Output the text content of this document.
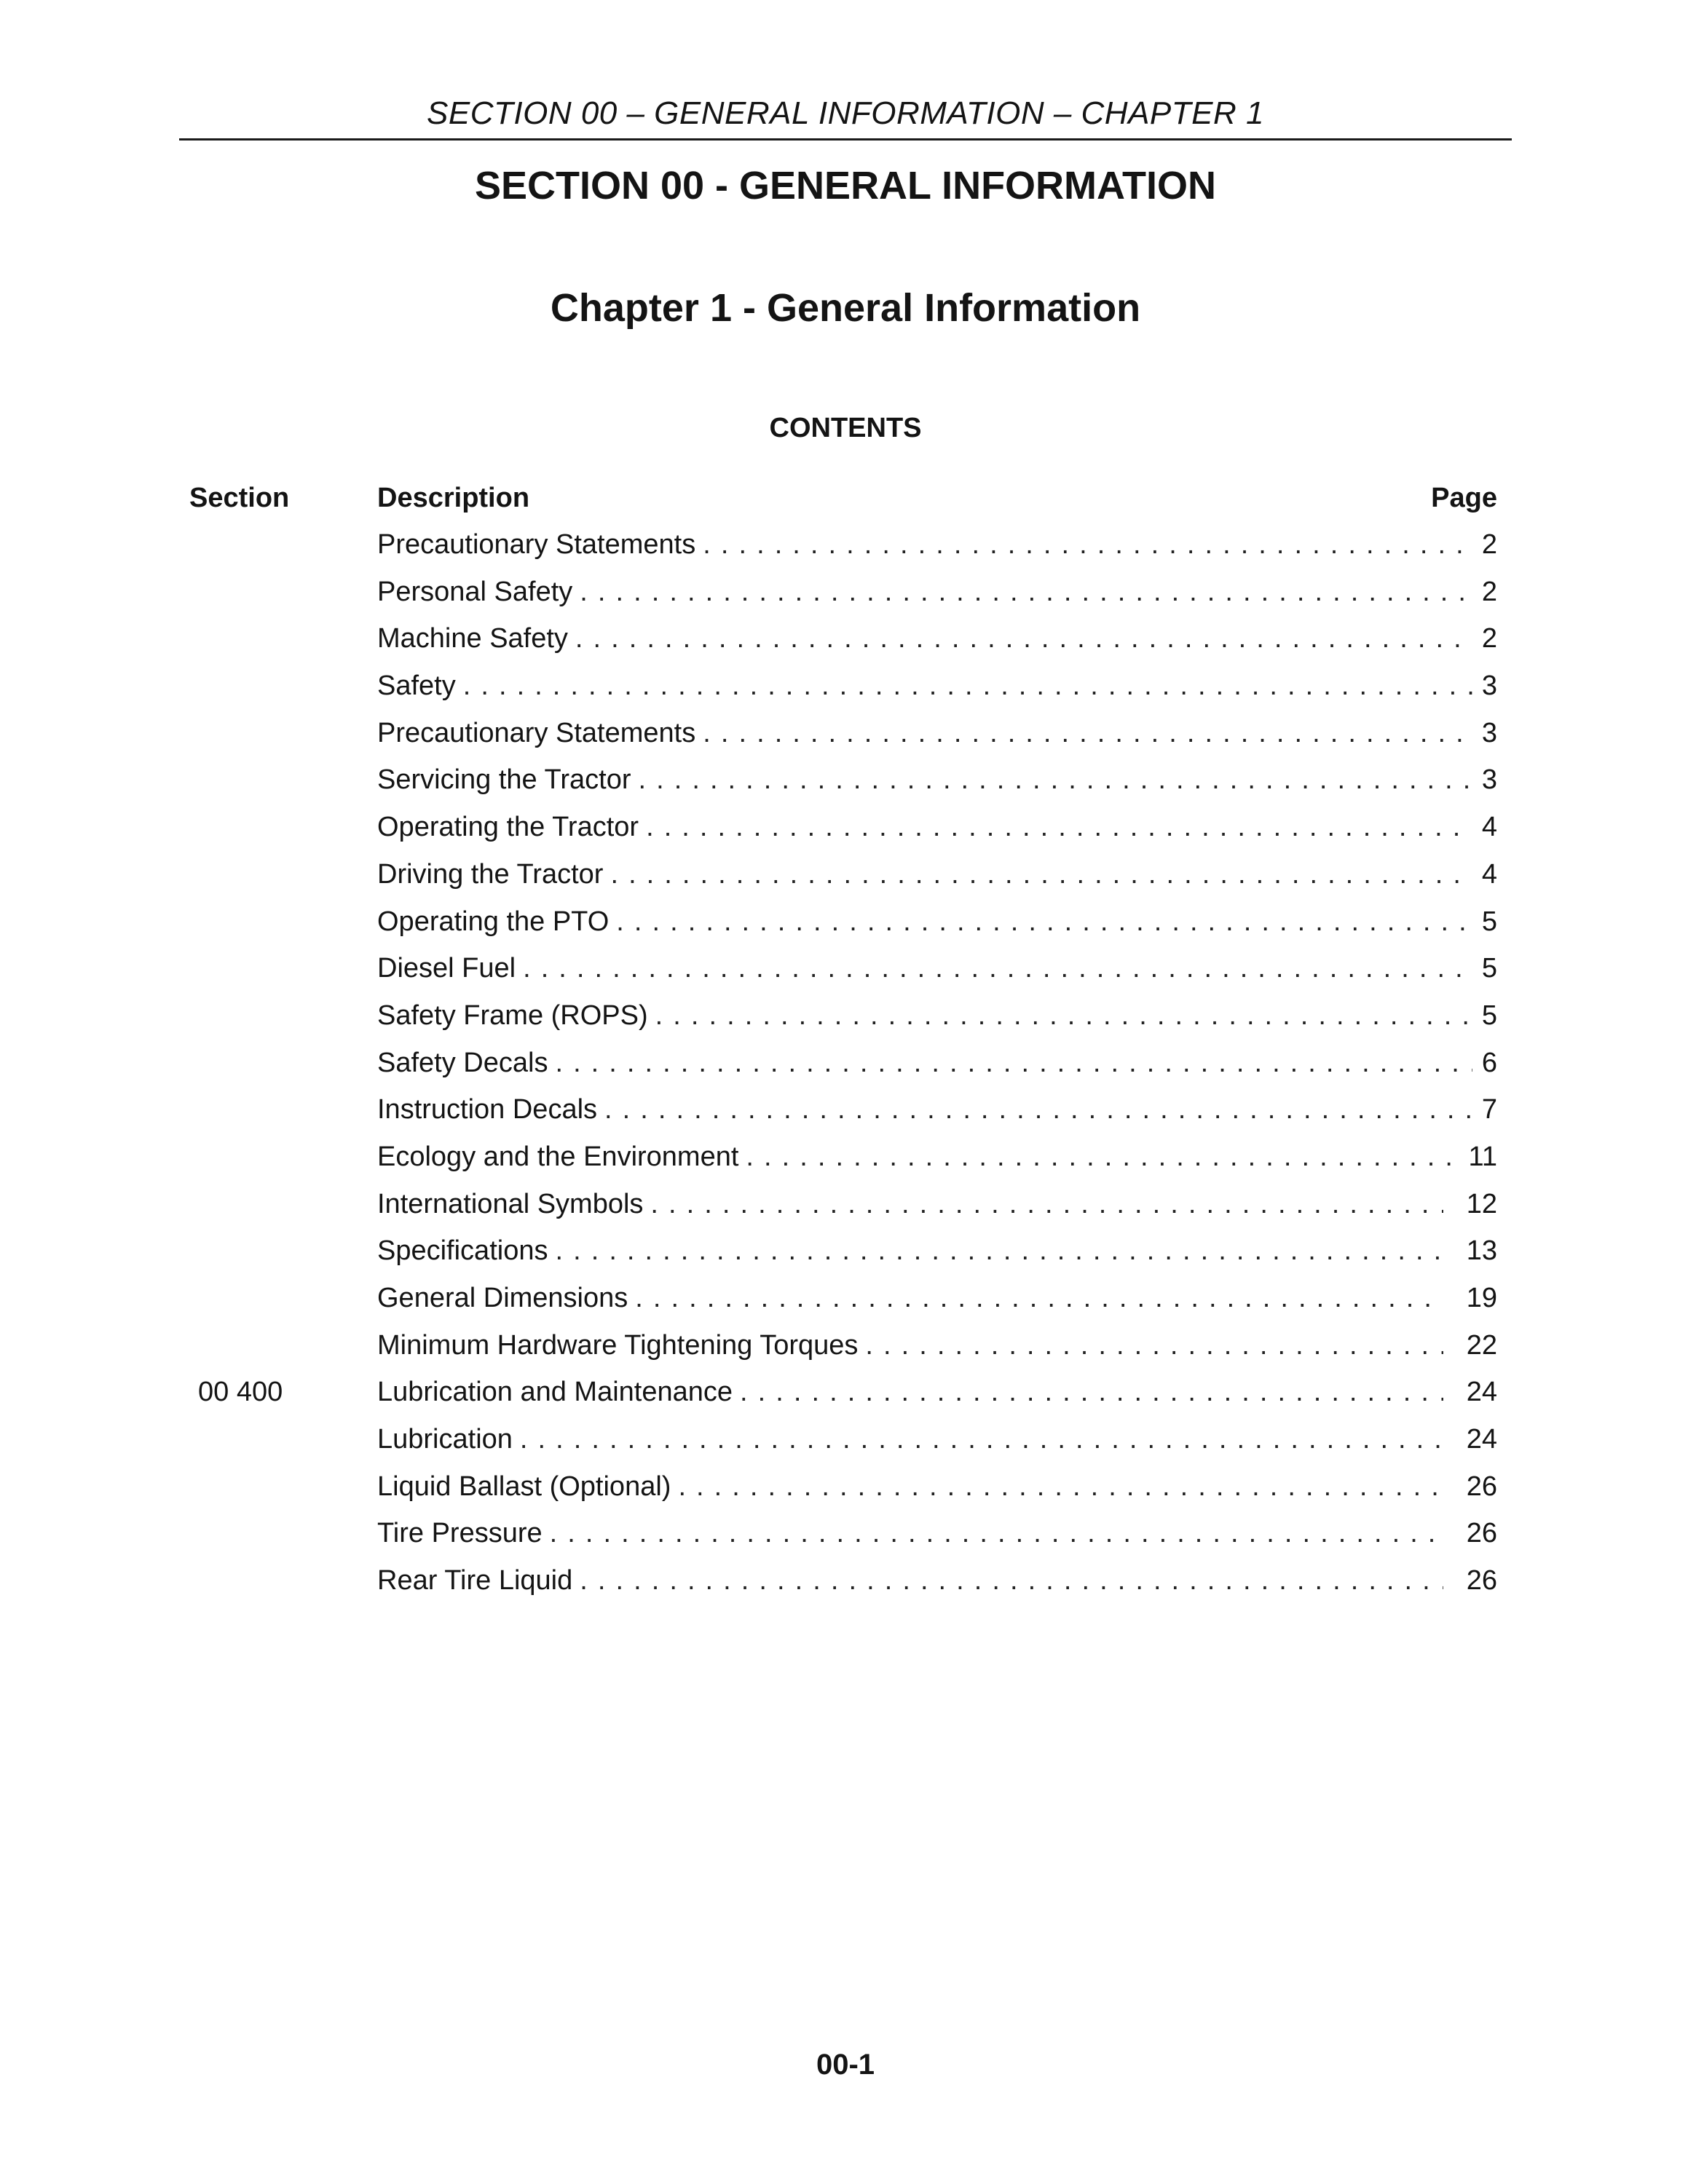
SECTION 00 – GENERAL INFORMATION – CHAPTER 1
SECTION 00 - GENERAL INFORMATION
Chapter 1 - General Information
CONTENTS
Section	Description	Page
Precautionary Statements . . .	2
Personal Safety . . .	2
Machine Safety . . .	2
Safety . . .	3
Precautionary Statements . . .	3
Servicing the Tractor . . .	3
Operating the Tractor . . .	4
Driving the Tractor . . .	4
Operating the PTO . . .	5
Diesel Fuel . . .	5
Safety Frame (ROPS) . . .	5
Safety Decals . . .	6
Instruction Decals . . .	7
Ecology and the Environment . . .	11
International Symbols . . .	12
Specifications . . .	13
General Dimensions . . .	19
Minimum Hardware Tightening Torques . . .	22
00 400	Lubrication and Maintenance . . .	24
Lubrication . . .	24
Liquid Ballast (Optional) . . .	26
Tire Pressure . . .	26
Rear Tire Liquid . . .	26
00-1
